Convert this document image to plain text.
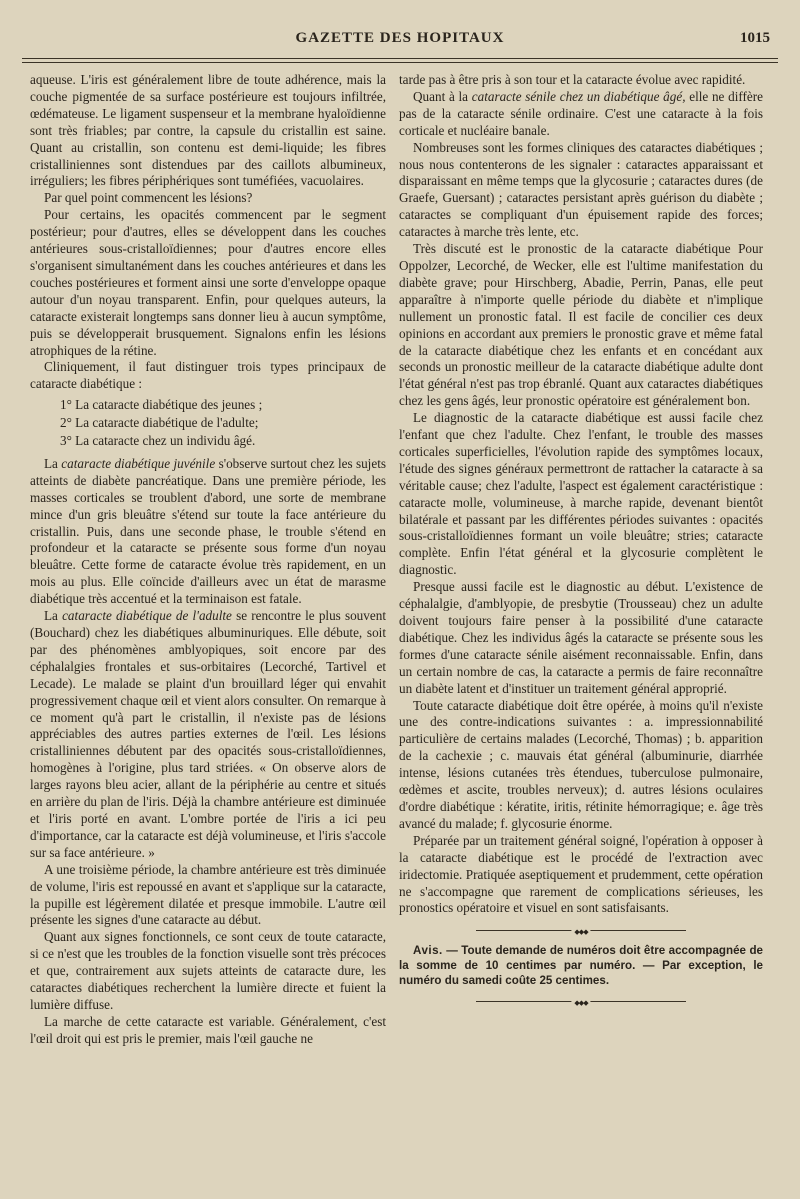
GAZETTE DES HOPITAUX	1015

aqueuse. L'iris est généralement libre de toute adhérence, mais la couche pigmentée de sa surface postérieure est toujours infiltrée, œdémateuse. Le ligament suspenseur et la membrane hyaloïdienne sont très friables; par contre, la capsule du cristallin est saine. Quant au cristallin, son contenu est demi-liquide; les fibres cristalliniennes sont distendues par des caillots albumineux, irréguliers; les fibres périphériques sont tuméfiées, vacuolaires.

Par quel point commencent les lésions?

Pour certains, les opacités commencent par le segment postérieur; pour d'autres, elles se développent dans les couches antérieures sous-cristalloïdiennes; pour d'autres encore elles s'organisent simultanément dans les couches antérieures et dans les couches postérieures et forment ainsi une sorte d'enveloppe opaque autour d'un noyau transparent. Enfin, pour quelques auteurs, la cataracte existerait longtemps sans donner lieu à aucun symptôme, puis se développerait brusquement. Signalons enfin les lésions atrophiques de la rétine.

Cliniquement, il faut distinguer trois types principaux de cataracte diabétique :

1° La cataracte diabétique des jeunes ;
2° La cataracte diabétique de l'adulte;
3° La cataracte chez un individu âgé.

La cataracte diabétique juvénile s'observe surtout chez les sujets atteints de diabète pancréatique. Dans une première période, les masses corticales se troublent d'abord, une sorte de membrane mince d'un gris bleuâtre s'étend sur toute la face antérieure du cristallin. Puis, dans une seconde phase, le trouble s'étend en profondeur et la cataracte se présente sous forme d'un noyau bleuâtre. Cette forme de cataracte évolue très rapidement, en un mois au plus. Elle coïncide d'ailleurs avec un état de marasme diabétique très accentué et la terminaison est fatale.

La cataracte diabétique de l'adulte se rencontre le plus souvent (Bouchard) chez les diabétiques albuminuriques. Elle débute, soit par des phénomènes amblyopiques, soit encore par des céphalalgies frontales et sus-orbitaires (Lecorché, Tartivel et Lecade). Le malade se plaint d'un brouillard léger qui envahit progressivement chaque œil et vient alors consulter. On remarque à ce moment qu'à part le cristallin, il n'existe pas de lésions appréciables des autres parties externes de l'œil. Les lésions cristalliniennes débutent par des opacités sous-cristalloïdiennes, homogènes à l'origine, plus tard striées. « On observe alors de larges rayons bleu acier, allant de la périphérie au centre et situés en arrière du plan de l'iris. Déjà la chambre antérieure est diminuée et l'iris porté en avant. L'ombre portée de l'iris a ici peu d'importance, car la cataracte est déjà volumineuse, et l'iris s'accole sur sa face antérieure. »

A une troisième période, la chambre antérieure est très diminuée de volume, l'iris est repoussé en avant et s'applique sur la cataracte, la pupille est légèrement dilatée et presque immobile. L'autre œil présente les signes d'une cataracte au début.

Quant aux signes fonctionnels, ce sont ceux de toute cataracte, si ce n'est que les troubles de la fonction visuelle sont très précoces et que, contrairement aux sujets atteints de cataracte dure, les cataractes diabétiques recherchent la lumière directe et fuient la lumière diffuse.

La marche de cette cataracte est variable. Généralement, c'est l'œil droit qui est pris le premier, mais l'œil gauche ne

tarde pas à être pris à son tour et la cataracte évolue avec rapidité.

Quant à la cataracte sénile chez un diabétique âgé, elle ne diffère pas de la cataracte sénile ordinaire. C'est une cataracte à la fois corticale et nucléaire banale.

Nombreuses sont les formes cliniques des cataractes diabétiques ; nous nous contenterons de les signaler : cataractes apparaissant et disparaissant en même temps que la glycosurie ; cataractes dures (de Graefe, Guersant) ; cataractes persistant après guérison du diabète ; cataractes se compliquant d'un épuisement rapide des forces; cataractes à marche très lente, etc.

Très discuté est le pronostic de la cataracte diabétique Pour Oppolzer, Lecorché, de Wecker, elle est l'ultime manifestation du diabète grave; pour Hirschberg, Abadie, Perrin, Panas, elle peut apparaître à n'importe quelle période du diabète et n'implique nullement un pronostic fatal. Il est facile de concilier ces deux opinions en accordant aux premiers le pronostic grave et même fatal de la cataracte diabétique chez les enfants et en concédant aux seconds un pronostic meilleur de la cataracte diabétique adulte dont l'état général n'est pas trop ébranlé. Quant aux cataractes diabétiques chez les gens âgés, leur pronostic opératoire est généralement bon.

Le diagnostic de la cataracte diabétique est aussi facile chez l'enfant que chez l'adulte. Chez l'enfant, le trouble des masses corticales superficielles, l'évolution rapide des symptômes locaux, l'étude des signes généraux permettront de rattacher la cataracte à sa véritable cause; chez l'adulte, l'aspect est également caractéristique : cataracte molle, volumineuse, à marche rapide, devenant bientôt bilatérale et passant par les différentes périodes suivantes : opacités sous-cristalloïdiennes formant un voile bleuâtre; stries; cataracte complète. Enfin l'état général et la glycosurie complètent le diagnostic.

Presque aussi facile est le diagnostic au début. L'existence de céphalalgie, d'amblyopie, de presbytie (Trousseau) chez un adulte doivent toujours faire penser à la possibilité d'une cataracte diabétique. Chez les individus âgés la cataracte se présente sous les formes d'une cataracte sénile aisément reconnaissable. Enfin, dans un certain nombre de cas, la cataracte a permis de faire reconnaître un diabète latent et d'instituer un traitement général approprié.

Toute cataracte diabétique doit être opérée, à moins qu'il n'existe une des contre-indications suivantes : a. impressionnabilité particulière de certains malades (Lecorché, Thomas) ; b. apparition de la cachexie ; c. mauvais état général (albuminurie, diarrhée intense, lésions cutanées très étendues, tuberculose pulmonaire, œdèmes et ascite, troubles nerveux); d. autres lésions oculaires d'ordre diabétique : kératite, iritis, rétinite hémorragique; e. âge très avancé du malade; f. glycosurie énorme.

Préparée par un traitement général soigné, l'opération à opposer à la cataracte diabétique est le procédé de l'extraction avec iridectomie. Pratiquée aseptiquement et prudemment, cette opération ne s'accompagne que rarement de complications sérieuses, les pronostics opératoire et visuel en sont satisfaisants.

◆◆◆

Avis. — Toute demande de numéros doit être accompagnée de la somme de 10 centimes par numéro. — Par exception, le numéro du samedi coûte 25 centimes.

◆◆◆
